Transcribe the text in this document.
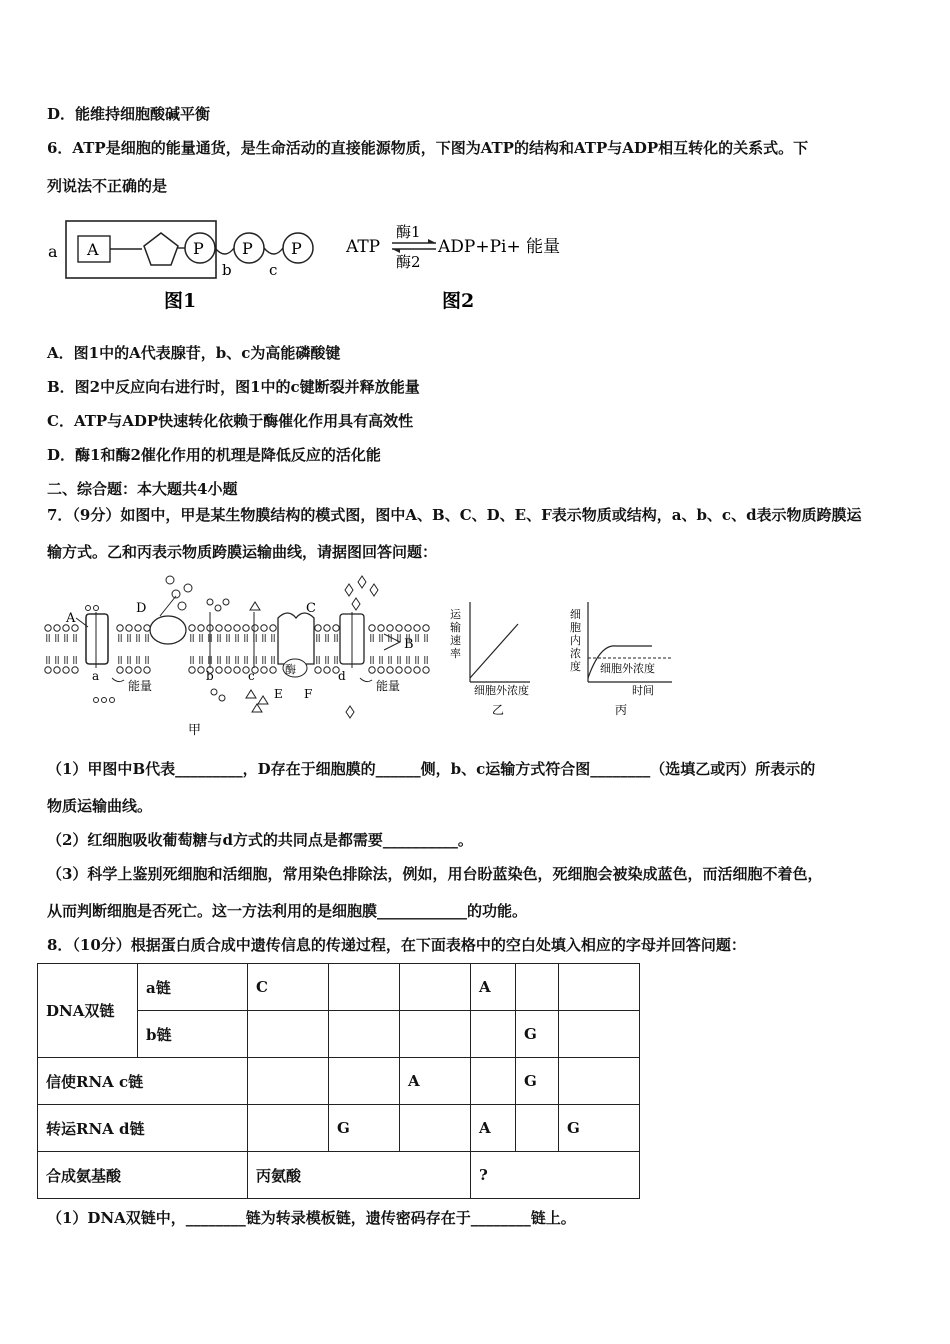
D．能维持细胞酸碱平衡
6．ATP是细胞的能量通货，是生命活动的直接能源物质，下图为ATP的结构和ATP与ADP相互转化的关系式。下
列说法不正确的是
a A	P P P
b c
图1
ATP
酶1
酶2
ADP+Pi+ 能量
图2
A．图1中的A代表腺苷，b、c为高能磷酸键
B．图2中反应向右进行时，图1中的c键断裂并释放能量
C．ATP与ADP快速转化依赖于酶催化作用具有高效性
D．酶1和酶2催化作用的机理是降低反应的活化能
二、综合题：本大题共4小题
7．（9分）如图中，甲是某生物膜结构的模式图，图中A、B、C、D、E、F表示物质或结构，a、b、c、d表示物质跨膜运
输方式。乙和丙表示物质跨膜运输曲线，请据图回答问题：
A
D
酶
E F
C
B
a	b	c	d
能量	能量
甲
运
输
速
率
细胞外浓度
乙
细
胞
内
浓
度 细胞外浓度
时间
丙
（1）甲图中B代表_________，D存在于细胞膜的______侧，b、c运输方式符合图________（选填乙或丙）所表示的
物质运输曲线。
（2）红细胞吸收葡萄糖与d方式的共同点是都需要__________。
（3）科学上鉴别死细胞和活细胞，常用染色排除法，例如，用台盼蓝染色，死细胞会被染成蓝色，而活细胞不着色，
从而判断细胞是否死亡。这一方法利用的是细胞膜____________的功能。
8．（10分）根据蛋白质合成中遗传信息的传递过程，在下面表格中的空白处填入相应的字母并回答问题：
DNA双链	a链	C			A		
	b链					G	
信使RNA c链				A		G	
转运RNA d链			G		A		G
合成氨基酸		丙氨酸			?		
（1）DNA双链中，________链为转录模板链，遗传密码存在于________链上。
